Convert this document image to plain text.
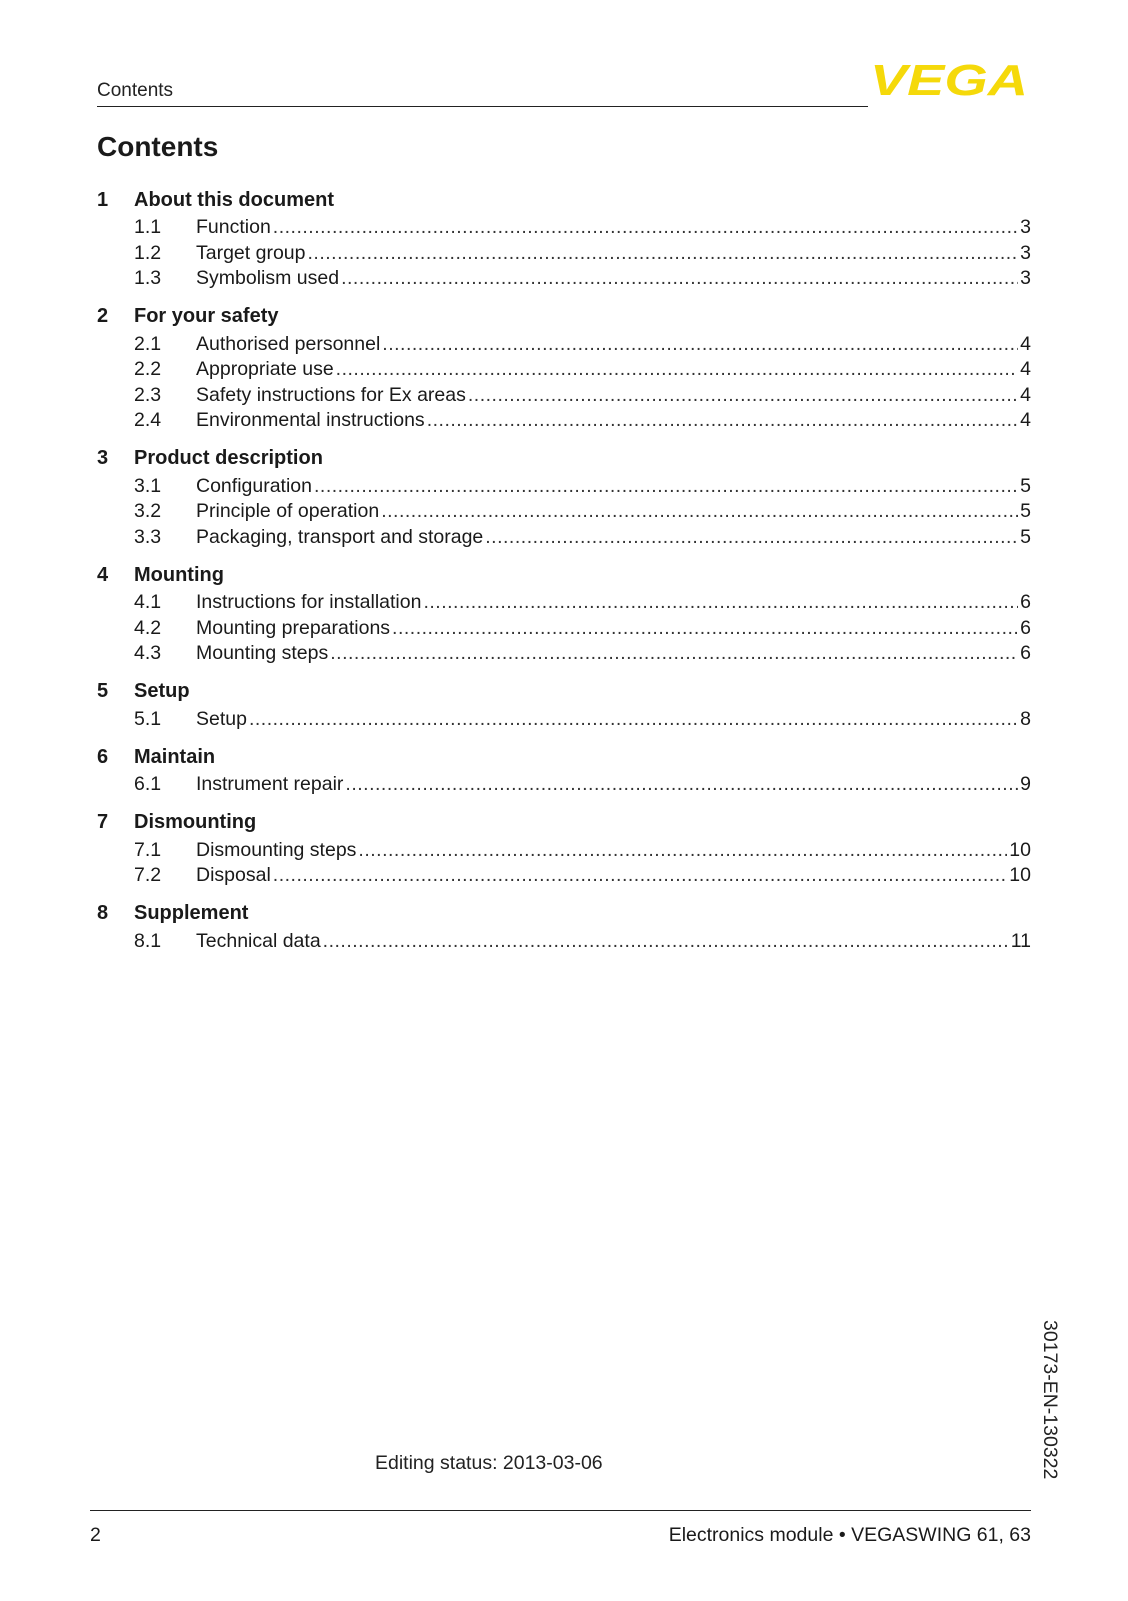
Contents	VEGA
Contents
1	About this document
1.1	Function .....	3
1.2	Target group .....	3
1.3	Symbolism used .....	3
2	For your safety
2.1	Authorised personnel .....	4
2.2	Appropriate use .....	4
2.3	Safety instructions for Ex areas .....	4
2.4	Environmental instructions .....	4
3	Product description
3.1	Configuration .....	5
3.2	Principle of operation .....	5
3.3	Packaging, transport and storage .....	5
4	Mounting
4.1	Instructions for installation .....	6
4.2	Mounting preparations .....	6
4.3	Mounting steps .....	6
5	Setup
5.1	Setup .....	8
6	Maintain
6.1	Instrument repair .....	9
7	Dismounting
7.1	Dismounting steps .....	10
7.2	Disposal .....	10
8	Supplement
8.1	Technical data .....	11
30173-EN-130322
Editing status: 2013-03-06
2	Electronics module • VEGASWING 61, 63
